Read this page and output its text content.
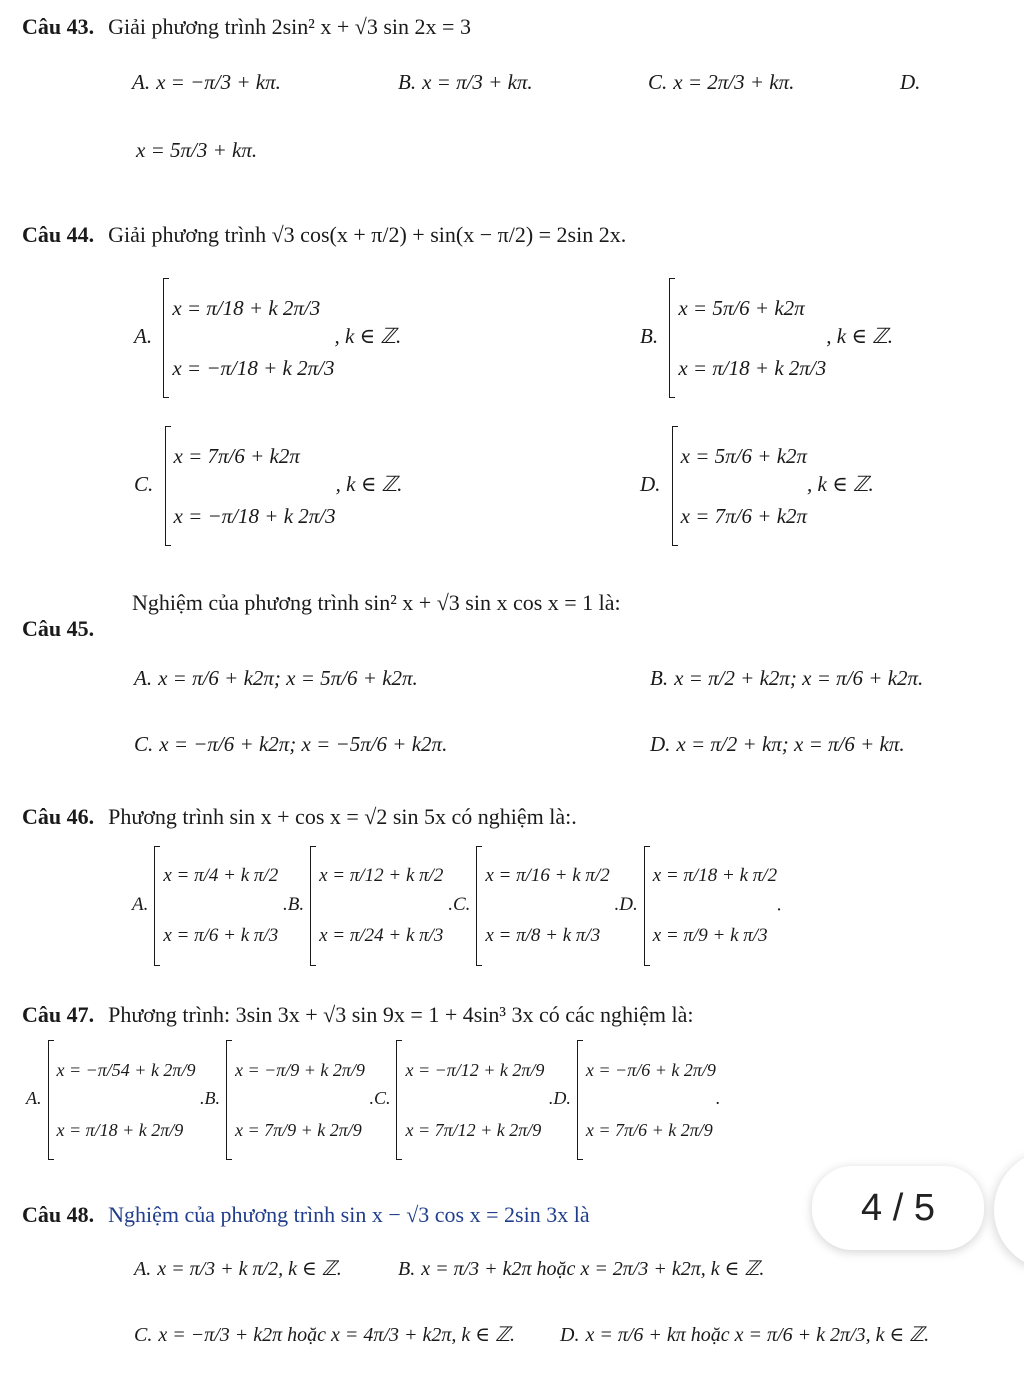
Câu 43. Giải phương trình 2sin² x + √3 sin 2x = 3
A. x = −π/3 + kπ.	B. x = π/3 + kπ.	C. x = 2π/3 + kπ.	D.
x = 5π/3 + kπ.
Câu 44. Giải phương trình √3 cos(x + π/2) + sin(x − π/2) = 2sin 2x.
A.
x = π/18 + k 2π/3
x = −π/18 + k 2π/3
, k ∈ ℤ.	B.
x = 5π/6 + k2π
x = π/18 + k 2π/3
, k ∈ ℤ.
C.
x = 7π/6 + k2π
x = −π/18 + k 2π/3
, k ∈ ℤ.	D.
x = 5π/6 + k2π
x = 7π/6 + k2π
, k ∈ ℤ.
Nghiệm của phương trình sin² x + √3 sin x cos x = 1 là:
Câu 45.
A. x = π/6 + k2π; x = 5π/6 + k2π.	B. x = π/2 + k2π; x = π/6 + k2π.
C. x = −π/6 + k2π; x = −5π/6 + k2π.	D. x = π/2 + kπ; x = π/6 + kπ.
Câu 46. Phương trình sin x + cos x = √2 sin 5x có nghiệm là:.
A.
x = π/4 + k π/2
x = π/6 + k π/3
.B.
x = π/12 + k π/2
x = π/24 + k π/3
.C.
x = π/16 + k π/2
x = π/8 + k π/3
.D.
x = π/18 + k π/2
x = π/9 + k π/3
.
Câu 47. Phương trình: 3sin 3x + √3 sin 9x = 1 + 4sin³ 3x có các nghiệm là:
A.
x = −π/54 + k 2π/9
x = π/18 + k 2π/9
.B.
x = −π/9 + k 2π/9
x = 7π/9 + k 2π/9
.C.
x = −π/12 + k 2π/9
x = 7π/12 + k 2π/9
.D.
x = −π/6 + k 2π/9
x = 7π/6 + k 2π/9
.
Câu 48. Nghiệm của phương trình sin x − √3 cos x = 2sin 3x là
A. x = π/3 + k π/2, k ∈ ℤ.	B. x = π/3 + k2π hoặc x = 2π/3 + k2π, k ∈ ℤ.
C. x = −π/3 + k2π hoặc x = 4π/3 + k2π, k ∈ ℤ. D. x = π/6 + kπ hoặc x = π/6 + k 2π/3, k ∈ ℤ.
4 / 5
